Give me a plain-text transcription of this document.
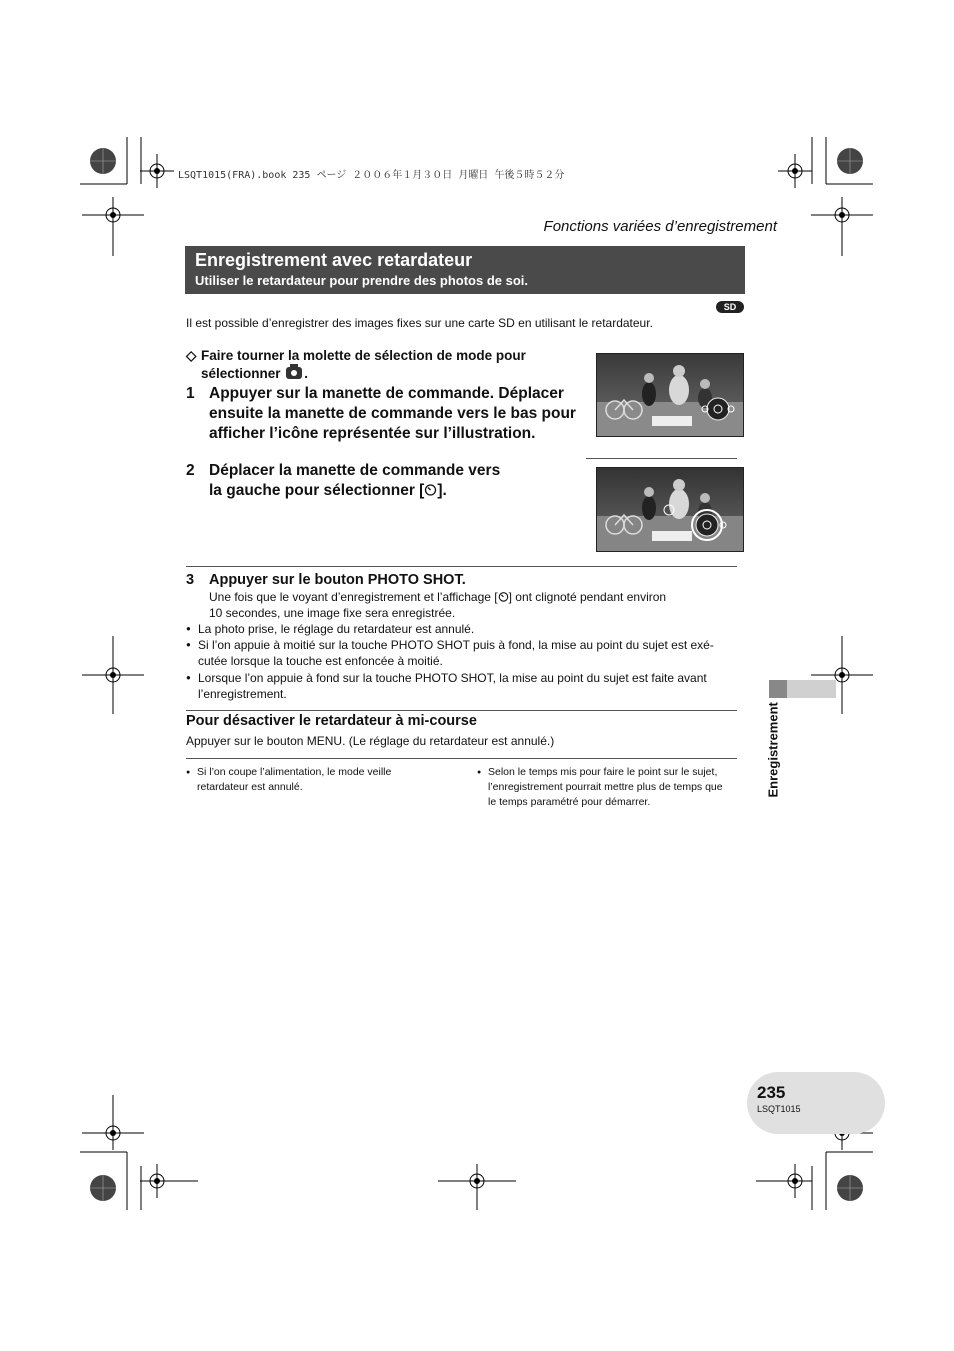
LSQT1015(FRA).book 235 ページ ２００６年１月３０日 月曜日 午後５時５２分
Fonctions variées d’enregistrement
Enregistrement avec retardateur
Utiliser le retardateur pour prendre des photos de soi.
SD
Il est possible d’enregistrer des images fixes sur une carte SD en utilisant le retardateur.
◇ Faire tourner la molette de sélection de mode pour
sélectionner .
1 Appuyer sur la manette de commande. Déplacer
ensuite la manette de commande vers le bas pour
afficher l’icône représentée sur l’illustration.
2 Déplacer la manette de commande vers
la gauche pour sélectionner [ ].
3 Appuyer sur le bouton PHOTO SHOT.
Une fois que le voyant d’enregistrement et l’affichage [ ] ont clignoté pendant environ
10 secondes, une image fixe sera enregistrée.
● La photo prise, le réglage du retardateur est annulé.
● Si l’on appuie à moitié sur la touche PHOTO SHOT puis à fond, la mise au point du sujet est exé-
cutée lorsque la touche est enfoncée à moitié.
● Lorsque l’on appuie à fond sur la touche PHOTO SHOT, la mise au point du sujet est faite avant
l’enregistrement.
Pour désactiver le retardateur à mi-course
Appuyer sur le bouton MENU. (Le réglage du retardateur est annulé.)
● Si l’on coupe l’alimentation, le mode veille
retardateur est annulé.
● Selon le temps mis pour faire le point sur le sujet,
l’enregistrement pourrait mettre plus de temps que
le temps paramétré pour démarrer.
Enregistrement
235
LSQT1015
